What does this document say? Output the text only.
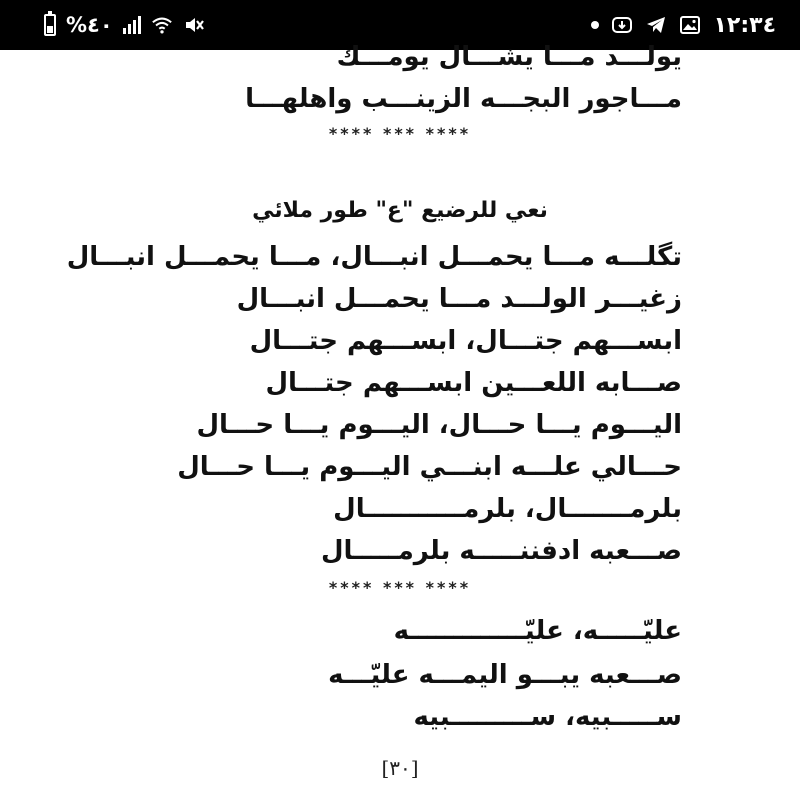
%٤٠	١٢:٣٤
يولـــد مـــا يشـــال يومـــك
مـــاجور البجـــه الزينـــب واهلهـــا
**** *** ****
نعي للرضيع "ع" طور ملائي
تگلـــه مـــا يحمـــل انبـــال، مـــا يحمـــل انبـــال
زغيـــر الولـــد مـــا يحمـــل انبـــال
ابســـهم جتـــال، ابســـهم جتـــال
صـــابه اللعـــين ابســـهم جتـــال
اليـــوم يـــا حـــال، اليـــوم يـــا حـــال
حـــالي علـــه ابنـــي اليـــوم يـــا حـــال
بلرمـــــــال، بلرمـــــــــــال
صـــعبه ادفننـــــه بلرمـــــال
**** *** ****
عليّـــــه، عليّـــــــــــــه
صـــعبه يبـــو اليمـــه عليّـــه
ســـــبيه، ســـــــــبيه
[٣٠]
